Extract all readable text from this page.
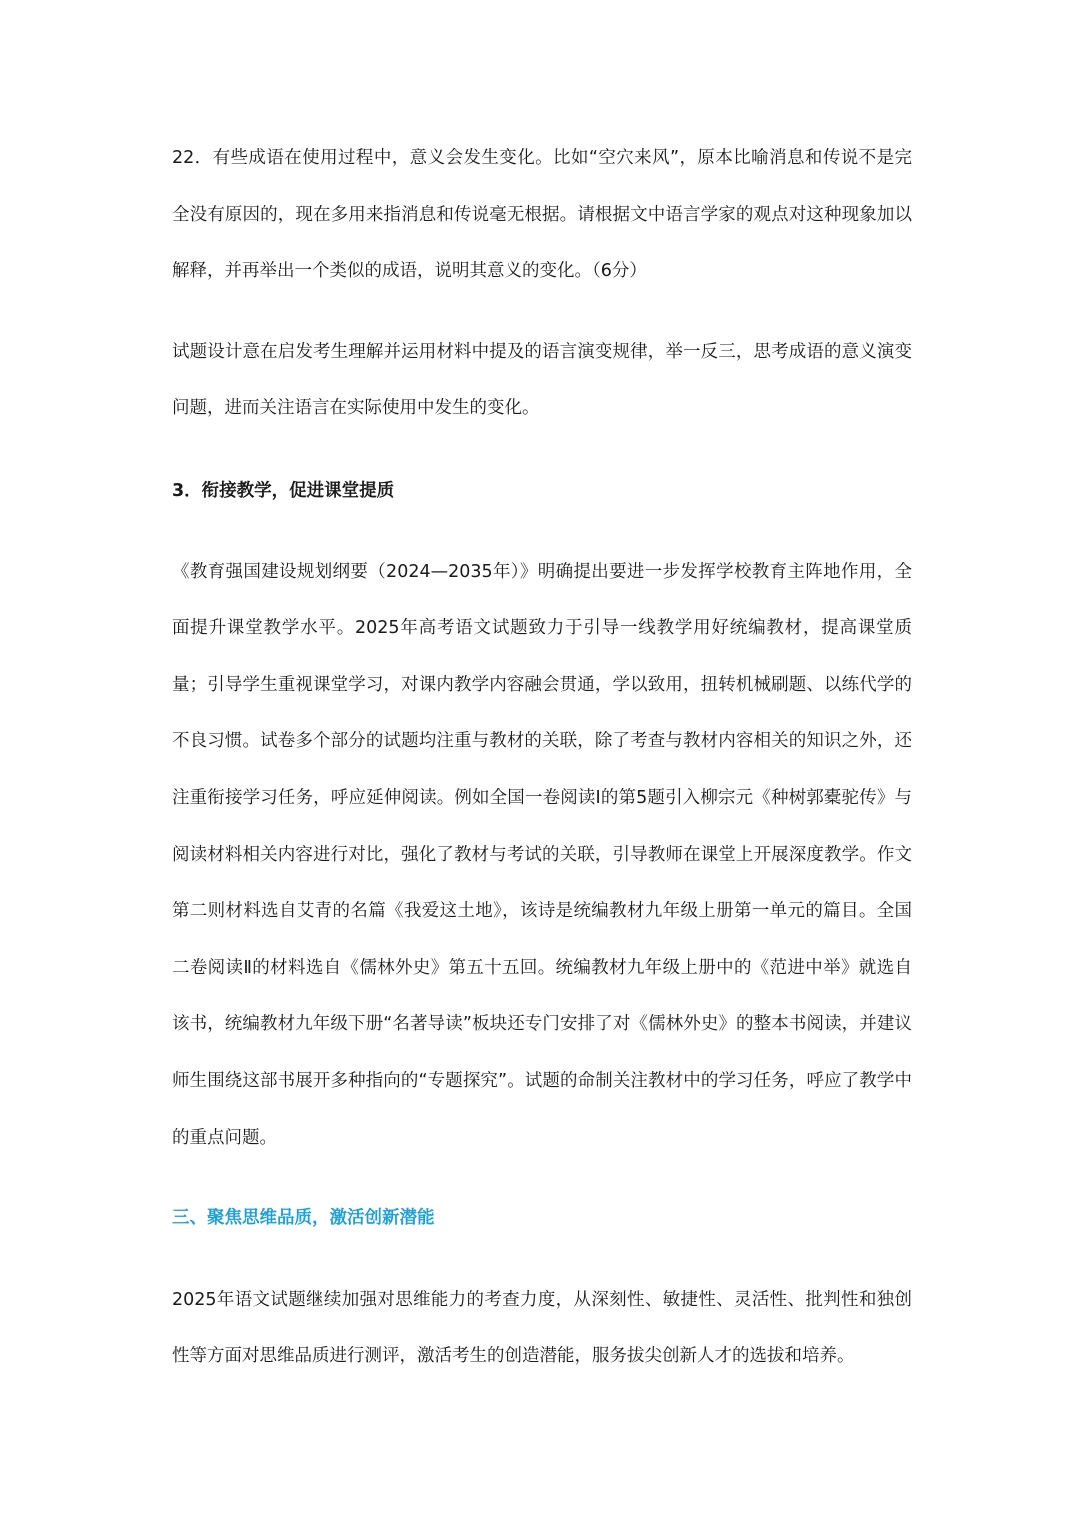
22．有些成语在使用过程中，意义会发生变化。比如“空穴来风”，原本比喻消息和传说不是完全没有原因的，现在多用来指消息和传说毫无根据。请根据文中语言学家的观点对这种现象加以解释，并再举出一个类似的成语，说明其意义的变化。（6分）

试题设计意在启发考生理解并运用材料中提及的语言演变规律，举一反三，思考成语的意义演变问题，进而关注语言在实际使用中发生的变化。

3．衔接教学，促进课堂提质

《教育强国建设规划纲要（2024—2035年）》明确提出要进一步发挥学校教育主阵地作用，全面提升课堂教学水平。2025年高考语文试题致力于引导一线教学用好统编教材，提高课堂质量；引导学生重视课堂学习，对课内教学内容融会贯通，学以致用，扭转机械刷题、以练代学的不良习惯。试卷多个部分的试题均注重与教材的关联，除了考查与教材内容相关的知识之外，还注重衔接学习任务，呼应延伸阅读。例如全国一卷阅读Ⅰ的第5题引入柳宗元《种树郭橐驼传》与阅读材料相关内容进行对比，强化了教材与考试的关联，引导教师在课堂上开展深度教学。作文第二则材料选自艾青的名篇《我爱这土地》，该诗是统编教材九年级上册第一单元的篇目。全国二卷阅读Ⅱ的材料选自《儒林外史》第五十五回。统编教材九年级上册中的《范进中举》就选自该书，统编教材九年级下册“名著导读”板块还专门安排了对《儒林外史》的整本书阅读，并建议师生围绕这部书展开多种指向的“专题探究”。试题的命制关注教材中的学习任务，呼应了教学中的重点问题。

三、聚焦思维品质，激活创新潜能

2025年语文试题继续加强对思维能力的考查力度，从深刻性、敏捷性、灵活性、批判性和独创性等方面对思维品质进行测评，激活考生的创造潜能，服务拔尖创新人才的选拔和培养。
